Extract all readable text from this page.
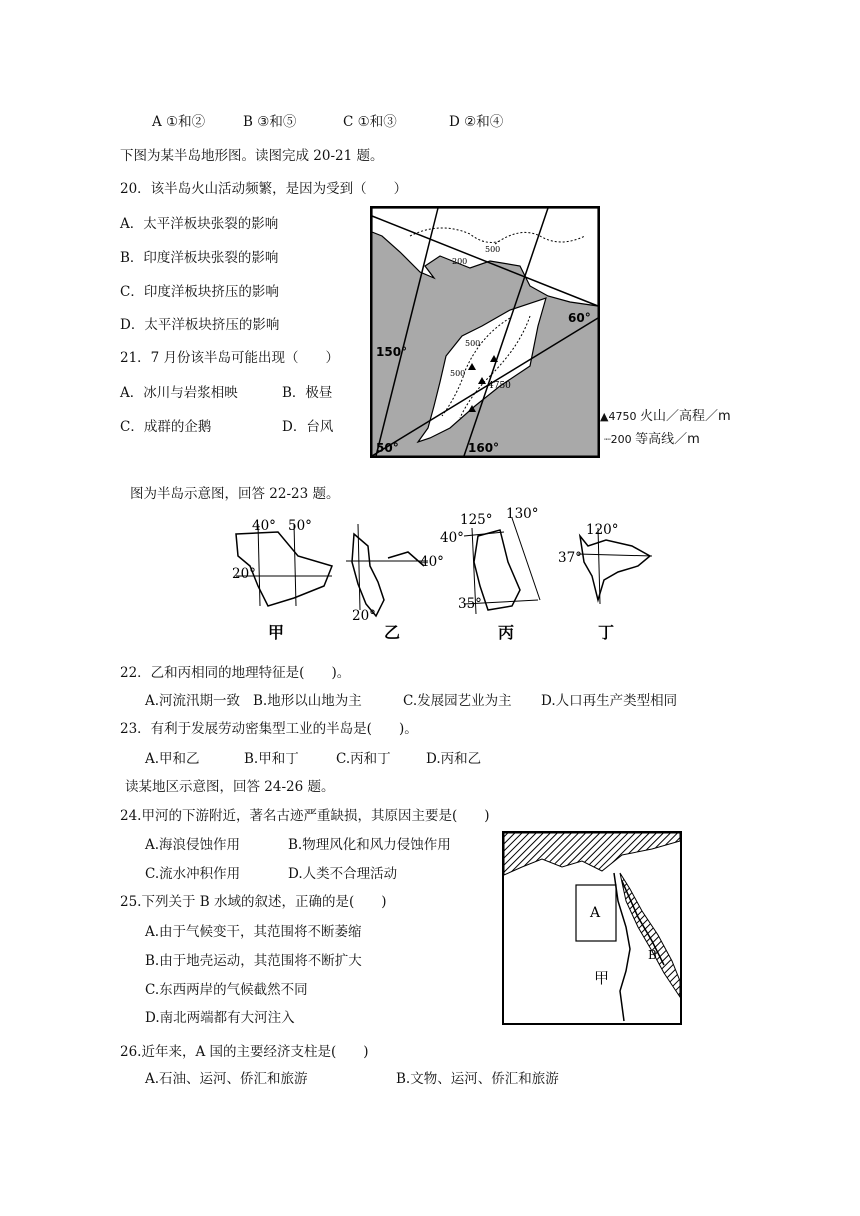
A ①和②	B ③和⑤	C ①和③	D ②和④
下图为某半岛地形图。读图完成 20-21 题。
20．该半岛火山活动频繁，是因为受到（　　）
A．太平洋板块张裂的影响
B．印度洋板块张裂的影响
C．印度洋板块挤压的影响
D．太平洋板块挤压的影响
21．7 月份该半岛可能出现（　　）
A．冰川与岩浆相映	B．极昼
C．成群的企鹅	D．台风
60°
50°
150°
160°
4750
500
200
500
500
▲4750 火山／高程／m
┈200 等高线／m
图为半岛示意图，回答 22-23 题。
40° 50°
20°
甲
40°
20°
乙
125° 130°
40°
35°
丙
120°
37°
丁
22．乙和丙相同的地理特征是(　　)。
A.河流汛期一致 B.地形以山地为主	C.发展园艺业为主 D.人口再生产类型相同
23．有利于发展劳动密集型工业的半岛是(　　)。
A.甲和乙	B.甲和丁	C.丙和丁	D.丙和乙
读某地区示意图，回答 24-26 题。
24.甲河的下游附近，著名古迹严重缺损，其原因主要是(　　)
A.海浪侵蚀作用	B.物理风化和风力侵蚀作用
C.流水冲积作用	D.人类不合理活动
25.下列关于 B 水域的叙述，正确的是(　　)
A.由于气候变干，其范围将不断萎缩
B.由于地壳运动，其范围将不断扩大
C.东西两岸的气候截然不同
D.南北两端都有大河注入
26.近年来，A 国的主要经济支柱是(　　)
A.石油、运河、侨汇和旅游	B.文物、运河、侨汇和旅游
A
甲
B
